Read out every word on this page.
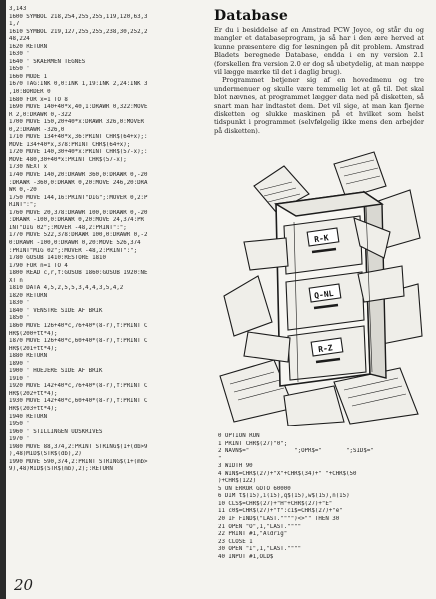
3,143
1600 SYMBOL 218,254,255,255,119,120,63,3
1,7
1610 SYMBOL 219,127,255,255,238,30,252,2
48,224
1620 RETURN
1630 '
1640 ' SKAERMEN TEGNES
1650 '
1660 MODE 1
1670 TAG:INK 0,0:INK 1,19:INK 2,24:INK 3
,10:BORDER 0
1680 FOR x=1 TO 8
1690 MOVE 140+40*x,40,1:DRAWR 0,322:MOVE
R 2,0:DRAWR 0,-322
1700 MOVE 150,20+40*x:DRAWR 326,0:MOVER
0,2:DRAWR -326,0
1710 MOVE 134+40*x,36:PRINT CHR$(64+x);:
MOVE 134+40*x,378:PRINT CHR$(64+x);
1720 MOVE 140,30+40*x:PRINT CHR$(57-x);:
MOVE 480,30+40*x:PRINT CHR$(57-x);
1730 NEXT x
1740 MOVE 140,20:DRAWR 360,0:DRAWR 0,-20
:DRAWR -360,0:DRAWR 0,20:MOVE 246,20:DRA
WR 0,-20
1750 MOVE 144,16:PRINT"DIG";:MOVER 0,2:P
RINT":";
1760 MOVE 20,378:DRAWR 100,0:DRAWR 0,-20
:DRAWR -100,0:DRAWR 0,20:MOVE 24,374:PR
INT"DIG 02";:MOVER -48,2:PRINT":";
1770 MOVE 522,378:DRAWR 100,0:DRAWR 0,-2
0:DRAWR -100,0:DRAWR 0,20:MOVE 526,374
:PRINT"MIG 02";:MOVER -48,2:PRINT":";
1780 GOSUB 1410:RESTORE 1810
1790 FOR n=1 TO 4
1800 READ c,r,f:GOSUB 1860:GOSUB 1920:NE
XT n
1810 DATA 4,5,2,5,5,3,4,4,3,5,4,2
1820 RETURN
1830 '
1840 ' VENSTRE SIDE AF BRIK
1850 '
1860 MOVE 126+40*c,76+40*(8-r),f:PRINT C
HR$(200+tt*4);
1870 MOVE 126+40*c,60+40*(8-r),f:PRINT C
HR$(201+tt*4);
1880 RETURN
1890 '
1900 ' HOEJERE SIDE AF BRIK
1910 '
1920 MOVE 142+40*c,76+40*(8-r),f:PRINT C
HR$(202+tt*4);
1930 MOVE 142+40*c,60+40*(8-r),f:PRINT C
HR$(203+tt*4);
1940 RETURN
1950 '
1960 ' STILLINGEN UDSKRIVES
1970 '
1980 MOVE 88,374,2:PRINT STRING$(1+(db>9
),48)MID$(STR$(db),2)
1990 MOVE 590,374,2:PRINT STRING$(1+(mb>
9),48)MID$(STR$(mb),2);:RETURN
Database

Er du i besiddelse af en Amstrad PCW Joyce, og står du og mangler et databaseprogram, ja så har i den ære herved at kunne præsentere dig for løsningen på dit problem. Amstrad Bladets beregnede Database, endda i en ny version 2.1 (forskellen fra version 2.0 er dog så ubetydelig, at man næppe vil lægge mærke til det i daglig brug).

Programmet betjener sig af en hovedmenu og tre undermenuer og skulle være temmelig let at gå til. Det skal blot nævnes, at programmet lægger data ned på disketten, så snart man har indtastet dem. Det vil sige, at man kan fjerne disketten og slukke maskinen på et hvilket som helst tidspunkt i programmet (selvfølgelig ikke mens den arbejder på disketten).

R-K
Q-NL
R-Z
0 OPTION RUN
1 PRINT CHR$(27)"0";
2 NAVN$="             ";OPR$="       ";SID$="
"
3 WIDTH 90
4 WIN$=CHR$(27)+"X"+CHR$(34)+" "+CHR$(50
)+CHR$(122)
5 ON ERROR GOTO 60000
6 DIM t$(15),i(15),q$(15),w$(15),n(15)
10 CLS$=CHR$(27)+"H"+CHR$(27)+"E"
11 c0$=CHR$(27)+"f":c1$=CHR$(27)+"e"
20 IF FIND$("LAST."""")<>"" THEN 30
21 OPEN "O",1,"LAST.""""
22 PRINT #1,"Aldrig"
23 CLOSE 1
30 OPEN "I",1,"LAST.""""
40 INPUT #1,OLD$
20
